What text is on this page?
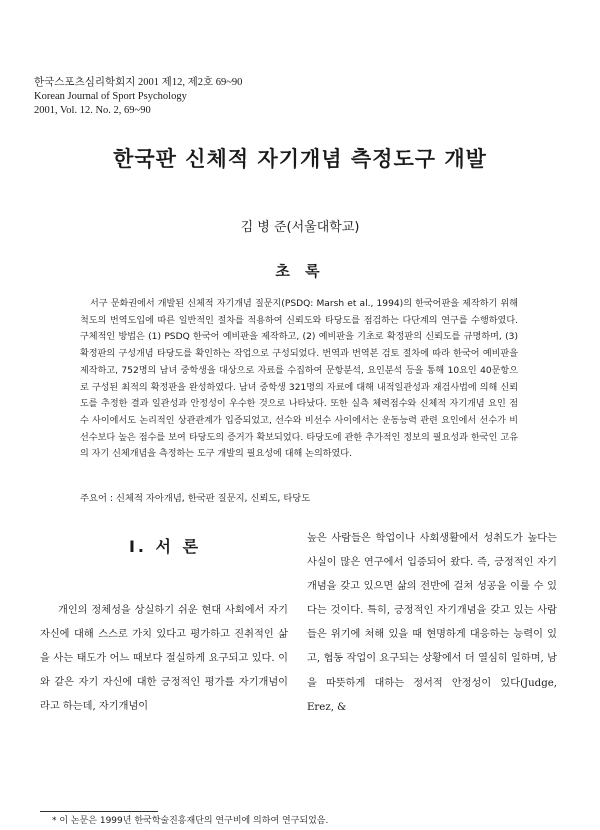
한국스포츠심리학회지 2001 제12, 제2호 69~90
Korean Journal of Sport Psychology
2001, Vol. 12. No. 2, 69~90
한국판 신체적 자기개념 측정도구 개발
김 병 준(서울대학교)
초 록

서구 문화권에서 개발된 신체적 자기개념 질문지(PSDQ: Marsh et al., 1994)의 한국어판을 제작하기 위해 척도의 번역도입에 따른 일반적인 절차를 적용하여 신뢰도와 타당도를 점검하는 다단계의 연구를 수행하였다. 구체적인 방법은 (1) PSDQ 한국어 예비판을 제작하고, (2) 예비판을 기초로 확정판의 신뢰도를 규명하며, (3) 확정판의 구성개념 타당도를 확인하는 작업으로 구성되었다. 번역과 번역본 검토 절차에 따라 한국어 예비판을 제작하고, 752명의 남녀 중학생을 대상으로 자료를 수집하여 문항분석, 요인분석 등을 통해 10요인 40문항으로 구성된 최적의 확정판을 완성하였다. 남녀 중학생 321명의 자료에 대해 내적일관성과 재검사법에 의해 신뢰도를 추정한 결과 일관성과 안정성이 우수한 것으로 나타났다. 또한 실측 체력점수와 신체적 자기개념 요인 점수 사이에서도 논리적인 상관관계가 입증되었고, 선수와 비선수 사이에서는 운동능력 관련 요인에서 선수가 비선수보다 높은 점수를 보여 타당도의 증거가 확보되었다. 타당도에 관한 추가적인 정보의 필요성과 한국인 고유의 자기 신체개념을 측정하는 도구 개발의 필요성에 대해 논의하였다.

주요어 : 신체적 자아개념, 한국판 질문지, 신뢰도, 타당도
Ⅰ. 서 론

개인의 정체성을 상실하기 쉬운 현대 사회에서 자기 자신에 대해 스스로 가치 있다고 평가하고 진취적인 삶을 사는 태도가 어느 때보다 절실하게 요구되고 있다. 이와 같은 자기 자신에 대한 긍정적인 평가를 자기개념이라고 하는데, 자기개념이

높은 사람들은 학업이나 사회생활에서 성취도가 높다는 사실이 많은 연구에서 입증되어 왔다. 즉, 긍정적인 자기개념을 갖고 있으면 삶의 전반에 걸쳐 성공을 이룰 수 있다는 것이다. 특히, 긍정적인 자기개념을 갖고 있는 사람들은 위기에 처해 있을 때 현명하게 대응하는 능력이 있고, 협동 작업이 요구되는 상황에서 더 열심히 일하며, 남을 따뜻하게 대하는 정서적 안정성이 있다(Judge, Erez, &

* 이 논문은 1999년 한국학술진흥재단의 연구비에 의하여 연구되었음.
